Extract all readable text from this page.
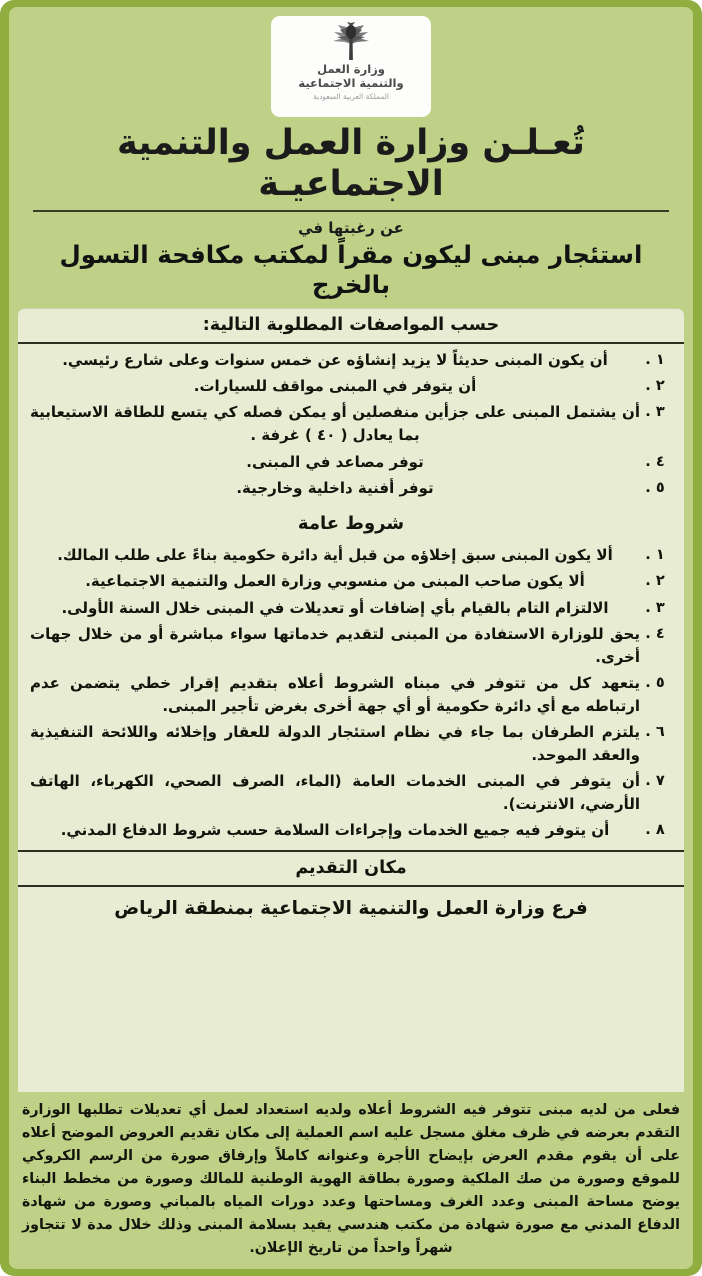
وزارة العمل
والتنمية الاجتماعية
المملكة العربية السعودية
تُعـلـن وزارة العمل والتنمية الاجتماعيـة
عن رغبتها في
استئجار مبنى ليكون مقراً لمكتب مكافحة التسول بالخرج
حسب المواصفات المطلوبة التالية:
١ .
أن يكون المبنى حديثاً لا يزيد إنشاؤه عن خمس سنوات وعلى شارع رئيسي.
٢ .
أن يتوفر في المبنى مواقف للسيارات.
٣ .
أن يشتمل المبنى على جزأين منفصلين أو يمكن فصله كي يتسع للطاقة الاستيعابية بما يعادل ( ٤٠ ) غرفة .
٤ .
توفر مصاعد في المبنى.
٥ .
توفر أفنية داخلية وخارجية.
شروط عامة
١ .
ألا يكون المبنى سبق إخلاؤه من قبل أية دائرة حكومية بناءً على طلب المالك.
٢ .
ألا يكون صاحب المبنى من منسوبي وزارة العمل والتنمية الاجتماعية.
٣ .
الالتزام التام بالقيام بأي إضافات أو تعديلات في المبنى خلال السنة الأولى.
٤ .
يحق للوزارة الاستفادة من المبنى لتقديم خدماتها سواء مباشرة أو من خلال جهات أخرى.
٥ .
يتعهد كل من تتوفر في مبناه الشروط أعلاه بتقديم إقرار خطي يتضمن عدم ارتباطه مع أي دائرة حكومية أو أي جهة أخرى بغرض تأجير المبنى.
٦ .
يلتزم الطرفان بما جاء في نظام استئجار الدولة للعقار وإخلائه واللائحة التنفيذية والعقد الموحد.
٧ .
أن يتوفر في المبنى الخدمات العامة (الماء، الصرف الصحي، الكهرباء، الهاتف الأرضي، الانترنت).
٨ .
أن يتوفر فيه جميع الخدمات وإجراءات السلامة حسب شروط الدفاع المدني.
مكان التقديم
فرع وزارة العمل والتنمية الاجتماعية بمنطقة الرياض
فعلى من لديه مبنى تتوفر فيه الشروط أعلاه ولديه استعداد لعمل أي تعديلات تطلبها الوزارة التقدم بعرضه في ظرف مغلق مسجل عليه اسم العملية إلى مكان تقديم العروض الموضح أعلاه على أن يقوم مقدم العرض بإيضاح الأجرة وعنوانه كاملاً وإرفاق صورة من الرسم الكروكي للموقع وصورة من صك الملكية وصورة بطاقة الهوية الوطنية للمالك وصورة من مخطط البناء يوضح مساحة المبنى وعدد الغرف ومساحتها وعدد دورات المياه بالمباني وصورة من شهادة الدفاع المدني مع صورة شهادة من مكتب هندسي يفيد بسلامة المبنى وذلك خلال مدة لا تتجاوز شهراً واحداً من تاريخ الإعلان.
